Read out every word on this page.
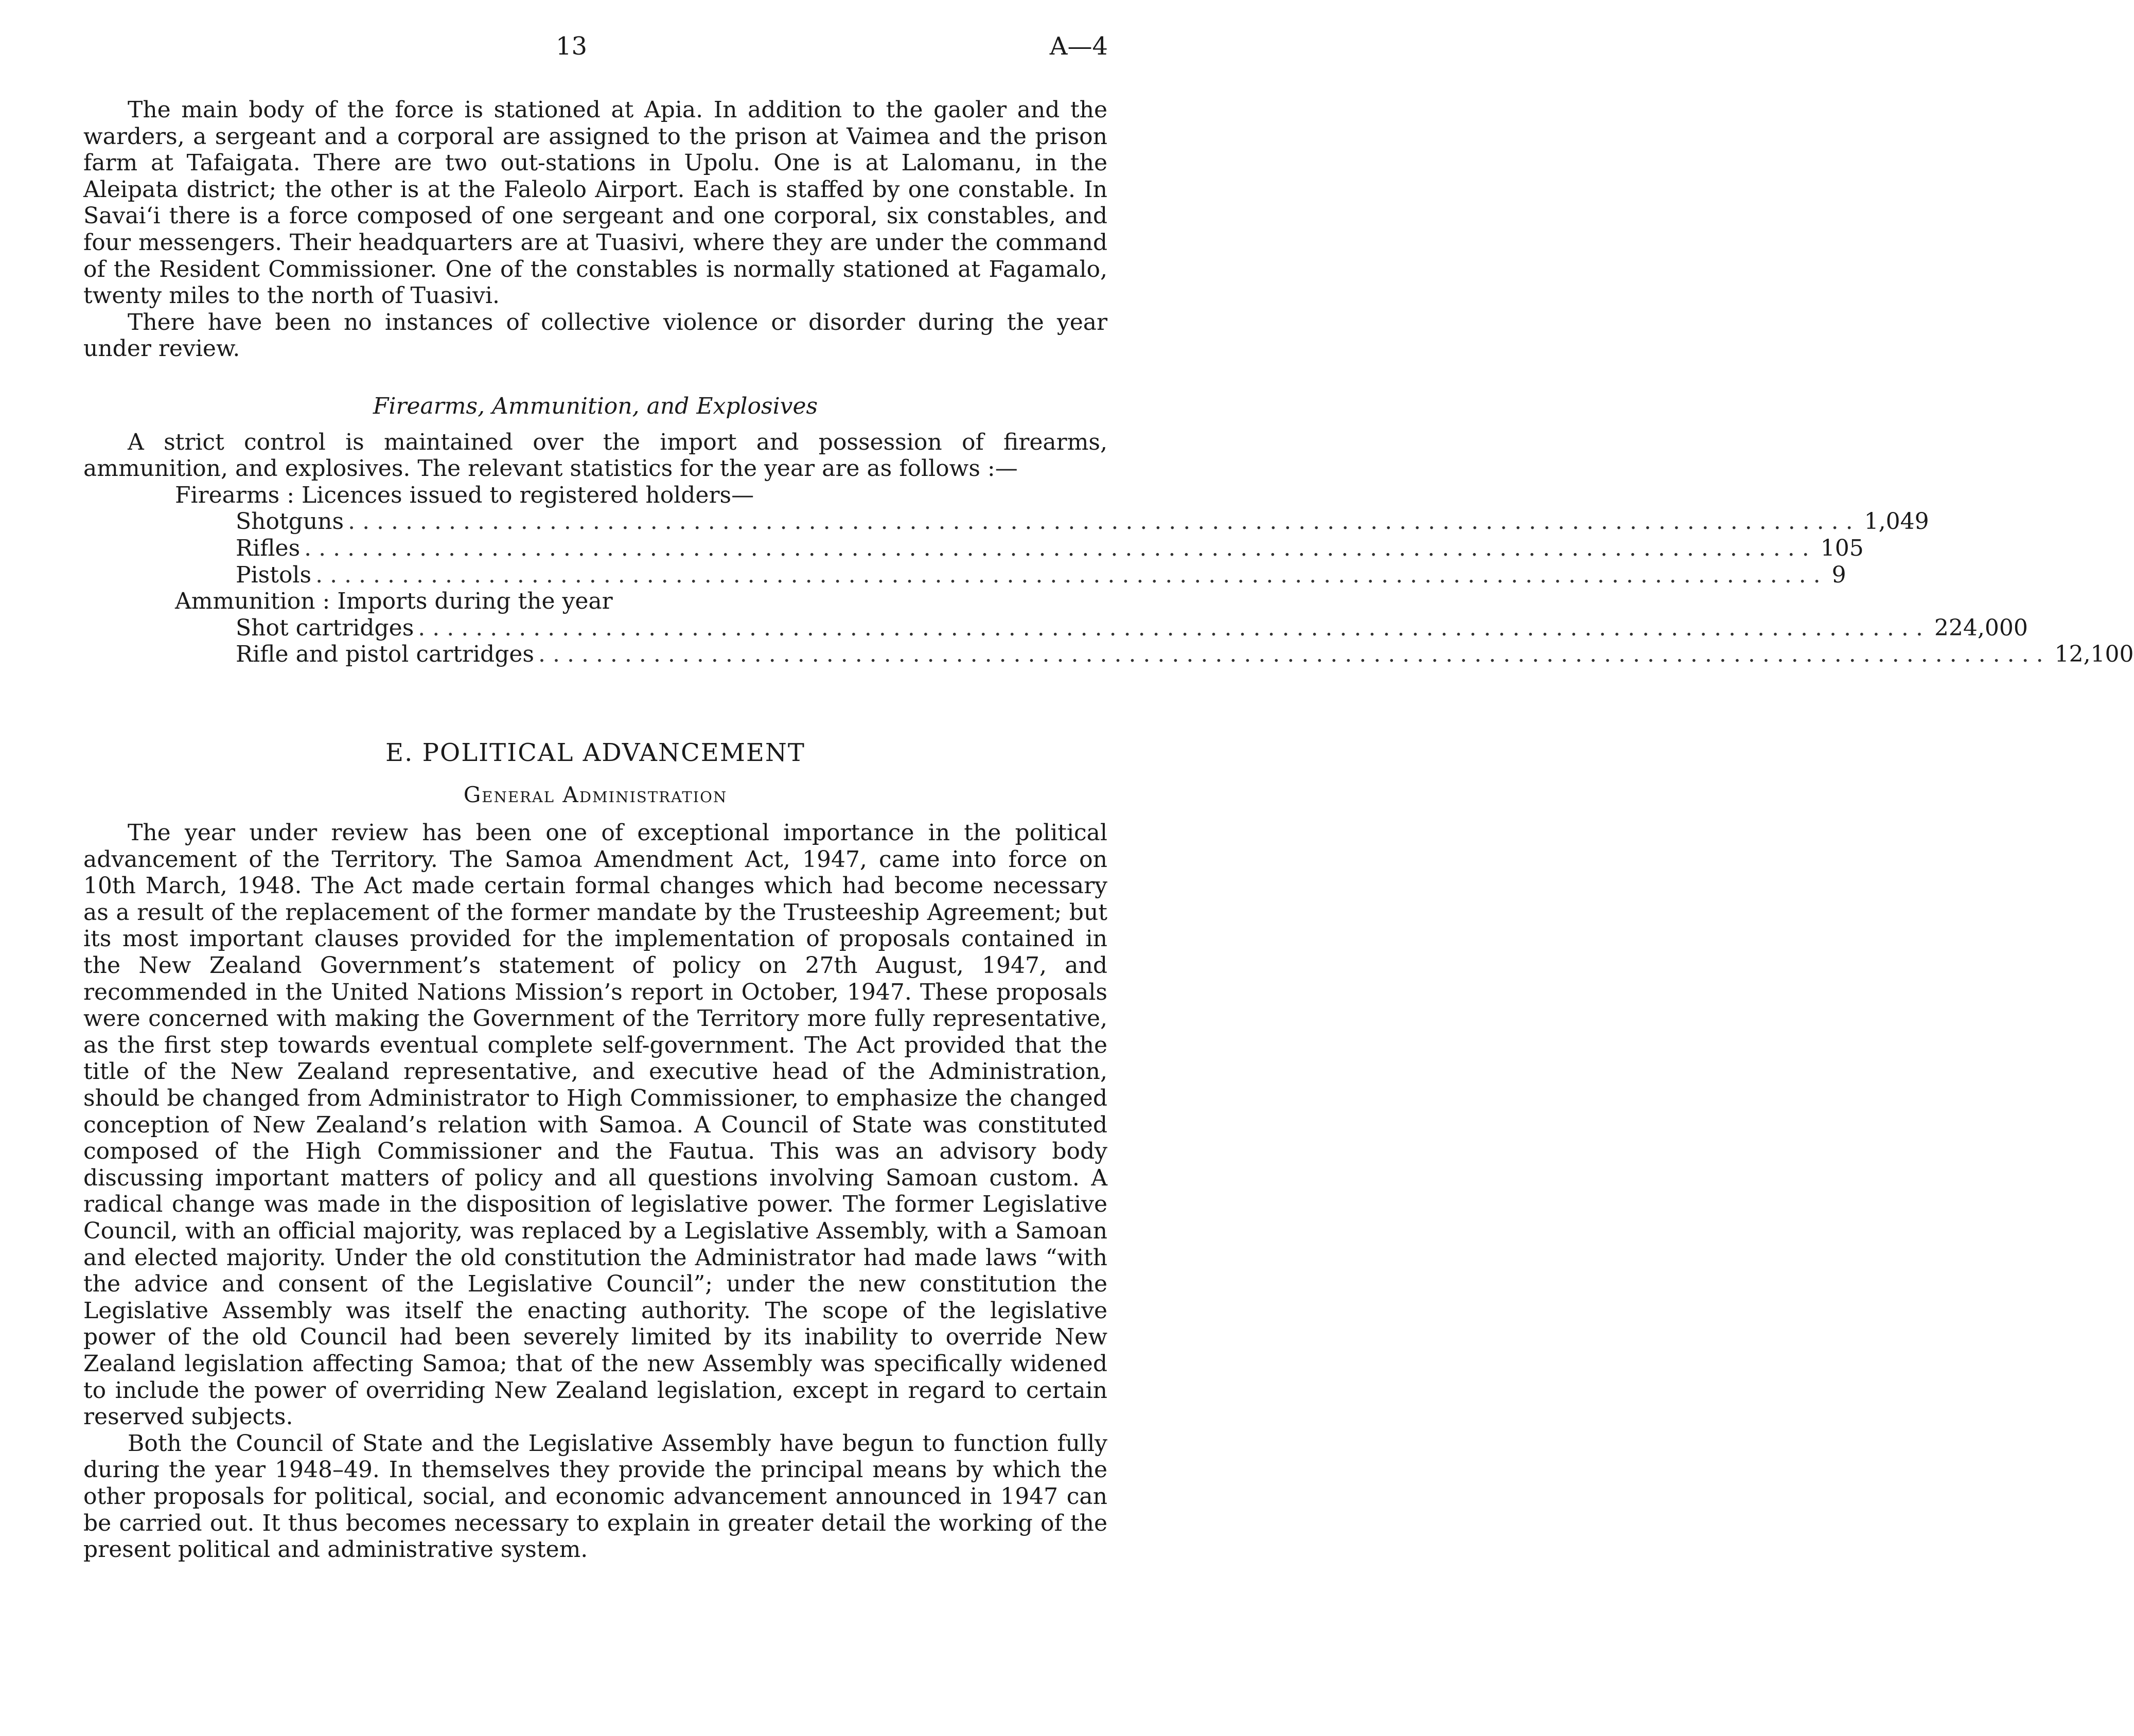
13	A—4

The main body of the force is stationed at Apia. In addition to the gaoler and the warders, a sergeant and a corporal are assigned to the prison at Vaimea and the prison farm at Tafaigata. There are two out-stations in Upolu. One is at Lalomanu, in the Aleipata district; the other is at the Faleolo Airport. Each is staffed by one constable. In Savai‘i there is a force composed of one sergeant and one corporal, six constables, and four messengers. Their headquarters are at Tuasivi, where they are under the command of the Resident Commissioner. One of the constables is normally stationed at Fagamalo, twenty miles to the north of Tuasivi.

There have been no instances of collective violence or disorder during the year under review.

Firearms, Ammunition, and Explosives

A strict control is maintained over the import and possession of firearms, ammunition, and explosives. The relevant statistics for the year are as follows :—

Firearms : Licences issued to registered holders—
Shotguns ......................................................................................................... 1,049
Rifles ......................................................................................................... 105
Pistols ......................................................................................................... 9
Ammunition : Imports during the year
Shot cartridges ......................................................................................................... 224,000
Rifle and pistol cartridges ......................................................................................................... 12,100
E. POLITICAL ADVANCEMENT
General Administration

The year under review has been one of exceptional importance in the political advancement of the Territory. The Samoa Amendment Act, 1947, came into force on 10th March, 1948. The Act made certain formal changes which had become necessary as a result of the replacement of the former mandate by the Trusteeship Agreement; but its most important clauses provided for the implementation of proposals contained in the New Zealand Government’s statement of policy on 27th August, 1947, and recommended in the United Nations Mission’s report in October, 1947. These proposals were concerned with making the Government of the Territory more fully representative, as the first step towards eventual complete self-government. The Act provided that the title of the New Zealand representative, and executive head of the Administration, should be changed from Administrator to High Commissioner, to emphasize the changed conception of New Zealand’s relation with Samoa. A Council of State was constituted composed of the High Commissioner and the Fautua. This was an advisory body discussing important matters of policy and all questions involving Samoan custom. A radical change was made in the disposition of legislative power. The former Legislative Council, with an official majority, was replaced by a Legislative Assembly, with a Samoan and elected majority. Under the old constitution the Administrator had made laws “with the advice and consent of the Legislative Council”; under the new constitution the Legislative Assembly was itself the enacting authority. The scope of the legislative power of the old Council had been severely limited by its inability to override New Zealand legislation affecting Samoa; that of the new Assembly was specifically widened to include the power of overriding New Zealand legislation, except in regard to certain reserved subjects.

Both the Council of State and the Legislative Assembly have begun to function fully during the year 1948–49. In themselves they provide the principal means by which the other proposals for political, social, and economic advancement announced in 1947 can be carried out. It thus becomes necessary to explain in greater detail the working of the present political and administrative system.
